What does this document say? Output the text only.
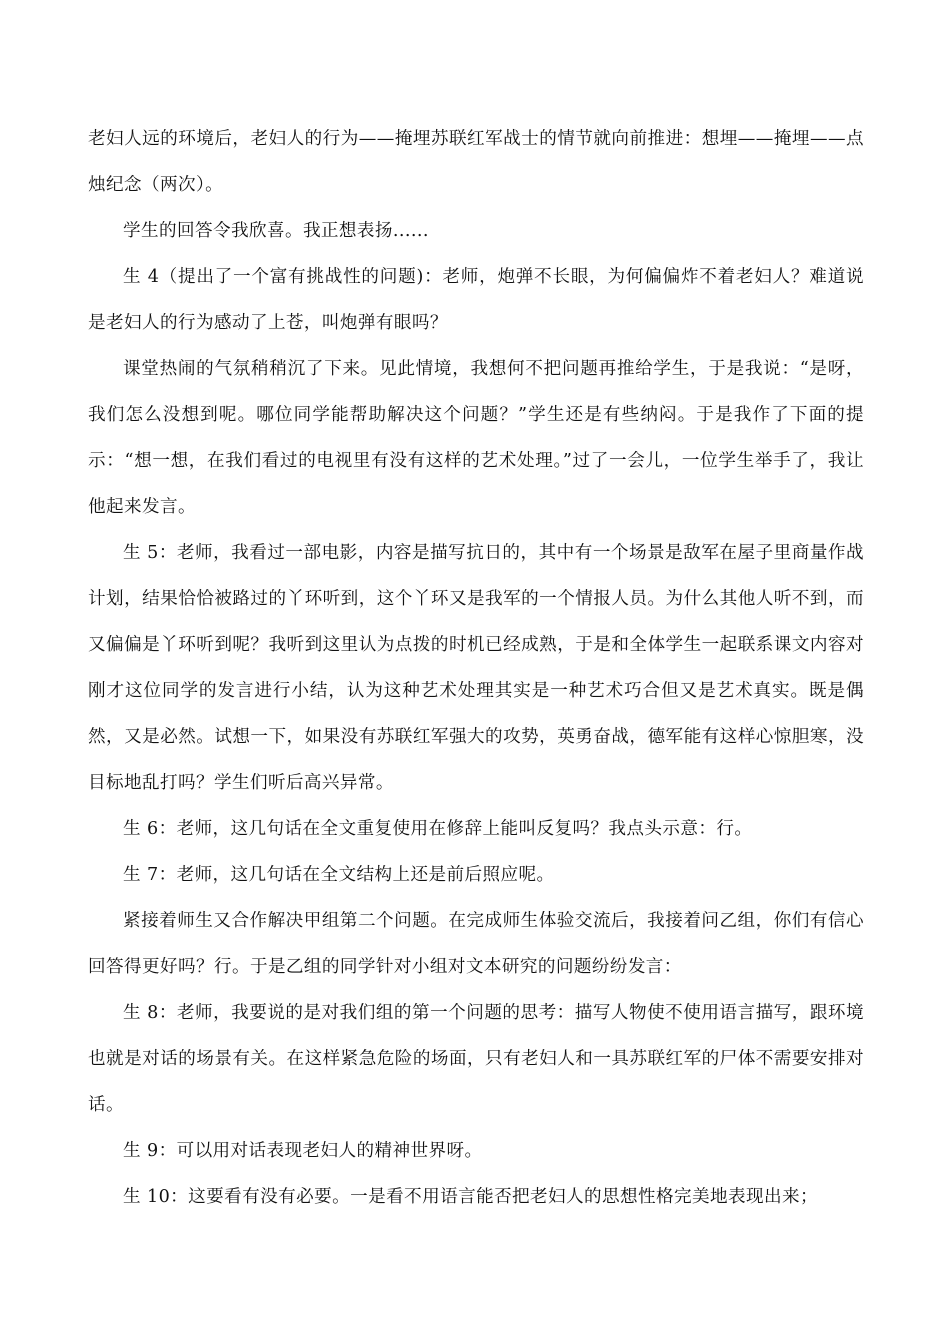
老妇人远的环境后，老妇人的行为——掩埋苏联红军战士的情节就向前推进：想埋——掩埋——点烛纪念（两次）。

学生的回答令我欣喜。我正想表扬......

生 4（提出了一个富有挑战性的问题)：老师，炮弹不长眼，为何偏偏炸不着老妇人？难道说是老妇人的行为感动了上苍，叫炮弹有眼吗？

课堂热闹的气氛稍稍沉了下来。见此情境，我想何不把问题再推给学生，于是我说：“是呀，我们怎么没想到呢。哪位同学能帮助解决这个问题？”学生还是有些纳闷。于是我作了下面的提示：“想一想，在我们看过的电视里有没有这样的艺术处理。”过了一会儿，一位学生举手了，我让他起来发言。

生 5：老师，我看过一部电影，内容是描写抗日的，其中有一个场景是敌军在屋子里商量作战计划，结果恰恰被路过的丫环听到，这个丫环又是我军的一个情报人员。为什么其他人听不到，而又偏偏是丫环听到呢？我听到这里认为点拨的时机已经成熟，于是和全体学生一起联系课文内容对刚才这位同学的发言进行小结，认为这种艺术处理其实是一种艺术巧合但又是艺术真实。既是偶然，又是必然。试想一下，如果没有苏联红军强大的攻势，英勇奋战，德军能有这样心惊胆寒，没目标地乱打吗？学生们听后高兴异常。

生 6：老师，这几句话在全文重复使用在修辞上能叫反复吗？我点头示意：行。

生 7：老师，这几句话在全文结构上还是前后照应呢。

紧接着师生又合作解决甲组第二个问题。在完成师生体验交流后，我接着问乙组，你们有信心回答得更好吗？行。于是乙组的同学针对小组对文本研究的问题纷纷发言：

生 8：老师，我要说的是对我们组的第一个问题的思考：描写人物使不使用语言描写，跟环境也就是对话的场景有关。在这样紧急危险的场面，只有老妇人和一具苏联红军的尸体不需要安排对话。

生 9：可以用对话表现老妇人的精神世界呀。

生 10：这要看有没有必要。一是看不用语言能否把老妇人的思想性格完美地表现出来；
